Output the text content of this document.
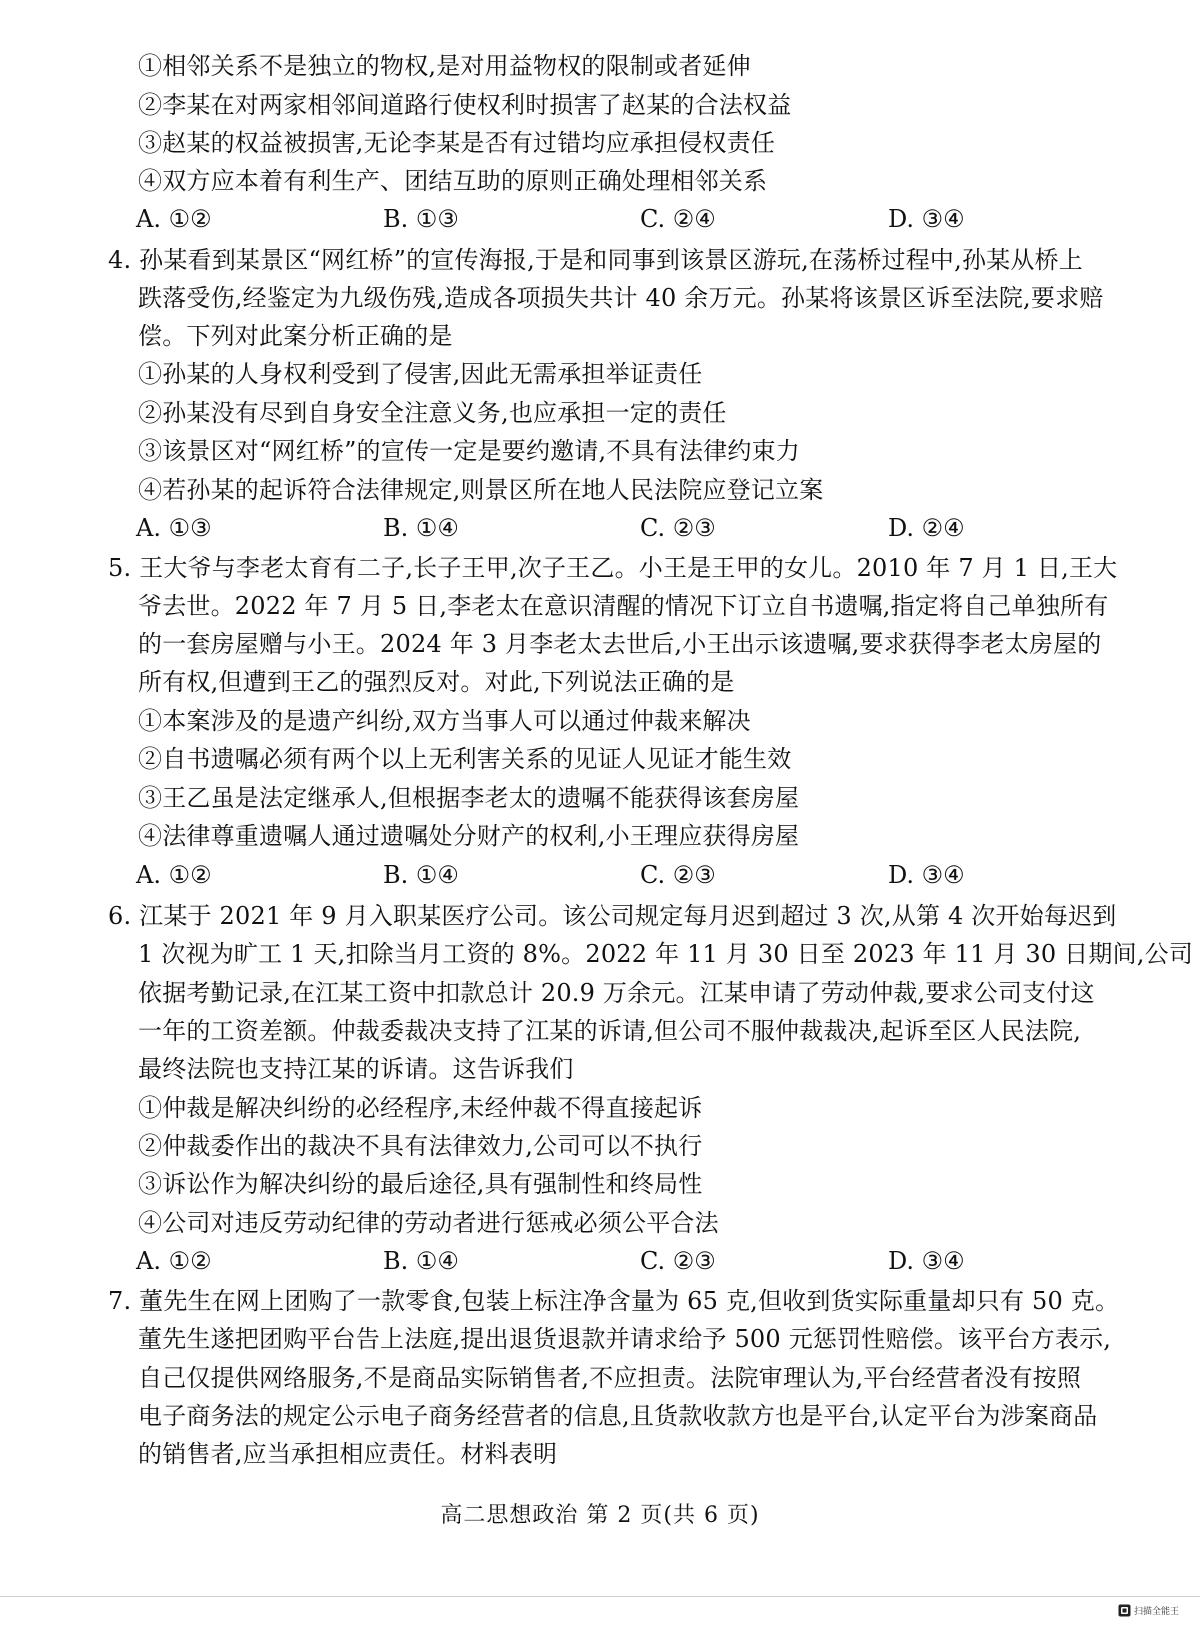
①相邻关系不是独立的物权,是对用益物权的限制或者延伸
②李某在对两家相邻间道路行使权利时损害了赵某的合法权益
③赵某的权益被损害,无论李某是否有过错均应承担侵权责任
④双方应本着有利生产、团结互助的原则正确处理相邻关系
A. ①②	B. ①③	C. ②④	D. ③④
4. 孙某看到某景区“网红桥”的宣传海报,于是和同事到该景区游玩,在荡桥过程中,孙某从桥上
跌落受伤,经鉴定为九级伤残,造成各项损失共计 40 余万元。孙某将该景区诉至法院,要求赔
偿。下列对此案分析正确的是
①孙某的人身权利受到了侵害,因此无需承担举证责任
②孙某没有尽到自身安全注意义务,也应承担一定的责任
③该景区对“网红桥”的宣传一定是要约邀请,不具有法律约束力
④若孙某的起诉符合法律规定,则景区所在地人民法院应登记立案
A. ①③	B. ①④	C. ②③	D. ②④
5. 王大爷与李老太育有二子,长子王甲,次子王乙。小王是王甲的女儿。2010 年 7 月 1 日,王大
爷去世。2022 年 7 月 5 日,李老太在意识清醒的情况下订立自书遗嘱,指定将自己单独所有
的一套房屋赠与小王。2024 年 3 月李老太去世后,小王出示该遗嘱,要求获得李老太房屋的
所有权,但遭到王乙的强烈反对。对此,下列说法正确的是
①本案涉及的是遗产纠纷,双方当事人可以通过仲裁来解决
②自书遗嘱必须有两个以上无利害关系的见证人见证才能生效
③王乙虽是法定继承人,但根据李老太的遗嘱不能获得该套房屋
④法律尊重遗嘱人通过遗嘱处分财产的权利,小王理应获得房屋
A. ①②	B. ①④	C. ②③	D. ③④
6. 江某于 2021 年 9 月入职某医疗公司。该公司规定每月迟到超过 3 次,从第 4 次开始每迟到
1 次视为旷工 1 天,扣除当月工资的 8%。2022 年 11 月 30 日至 2023 年 11 月 30 日期间,公司
依据考勤记录,在江某工资中扣款总计 20.9 万余元。江某申请了劳动仲裁,要求公司支付这
一年的工资差额。仲裁委裁决支持了江某的诉请,但公司不服仲裁裁决,起诉至区人民法院,
最终法院也支持江某的诉请。这告诉我们
①仲裁是解决纠纷的必经程序,未经仲裁不得直接起诉
②仲裁委作出的裁决不具有法律效力,公司可以不执行
③诉讼作为解决纠纷的最后途径,具有强制性和终局性
④公司对违反劳动纪律的劳动者进行惩戒必须公平合法
A. ①②	B. ①④	C. ②③	D. ③④
7. 董先生在网上团购了一款零食,包装上标注净含量为 65 克,但收到货实际重量却只有 50 克。
董先生遂把团购平台告上法庭,提出退货退款并请求给予 500 元惩罚性赔偿。该平台方表示,
自己仅提供网络服务,不是商品实际销售者,不应担责。法院审理认为,平台经营者没有按照
电子商务法的规定公示电子商务经营者的信息,且货款收款方也是平台,认定平台为涉案商品
的销售者,应当承担相应责任。材料表明
高二思想政治 第 2 页(共 6 页)
扫描全能王
